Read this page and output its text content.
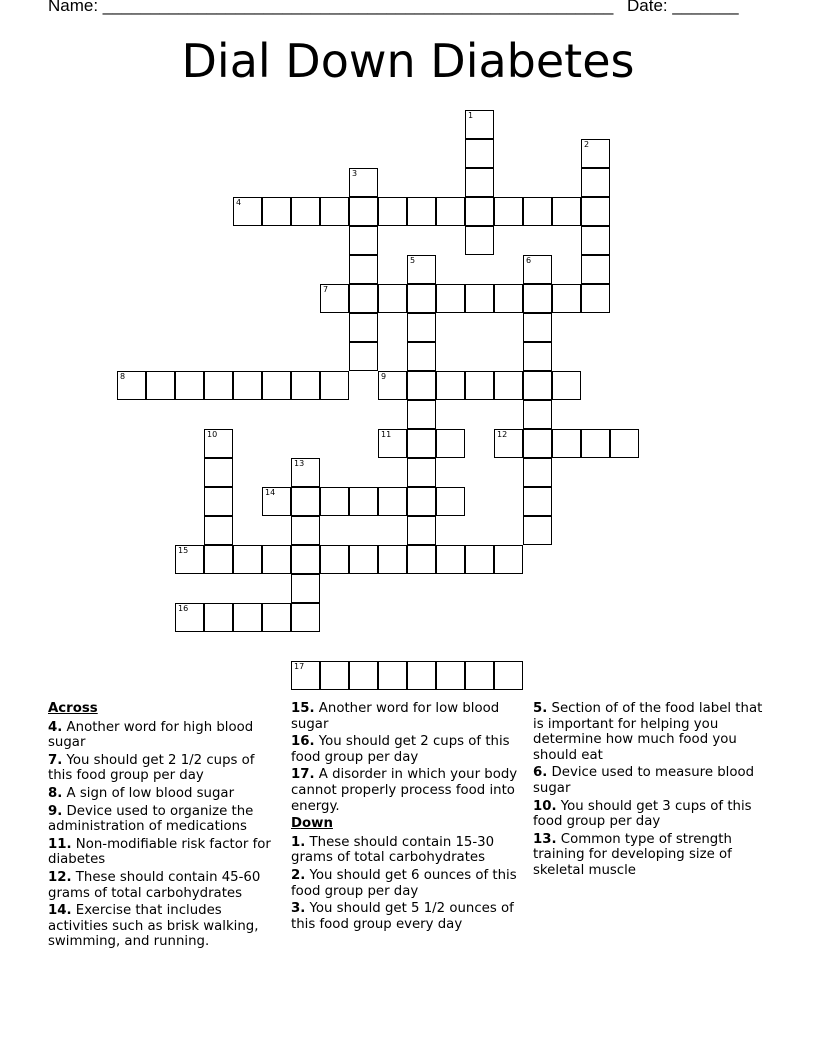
Name: ______________________________________________________ Date: _______
Dial Down Diabetes
1
2
3
4
5	6
7
8	9
10	11	12
13
14
15
16
17
Across
4. Another word for high blood sugar
7. You should get 2 1/2 cups of this food group per day
8. A sign of low blood sugar
9. Device used to organize the administration of medications
11. Non-modifiable risk factor for diabetes
12. These should contain 45-60 grams of total carbohydrates
14. Exercise that includes activities such as brisk walking, swimming, and running.
15. Another word for low blood sugar
16. You should get 2 cups of this food group per day
17. A disorder in which your body cannot properly process food into energy.
Down
1. These should contain 15-30 grams of total carbohydrates
2. You should get 6 ounces of this food group per day
3. You should get 5 1/2 ounces of this food group every day
5. Section of of the food label that is important for helping you determine how much food you should eat
6. Device used to measure blood sugar
10. You should get 3 cups of this food group per day
13. Common type of strength training for developing size of skeletal muscle
